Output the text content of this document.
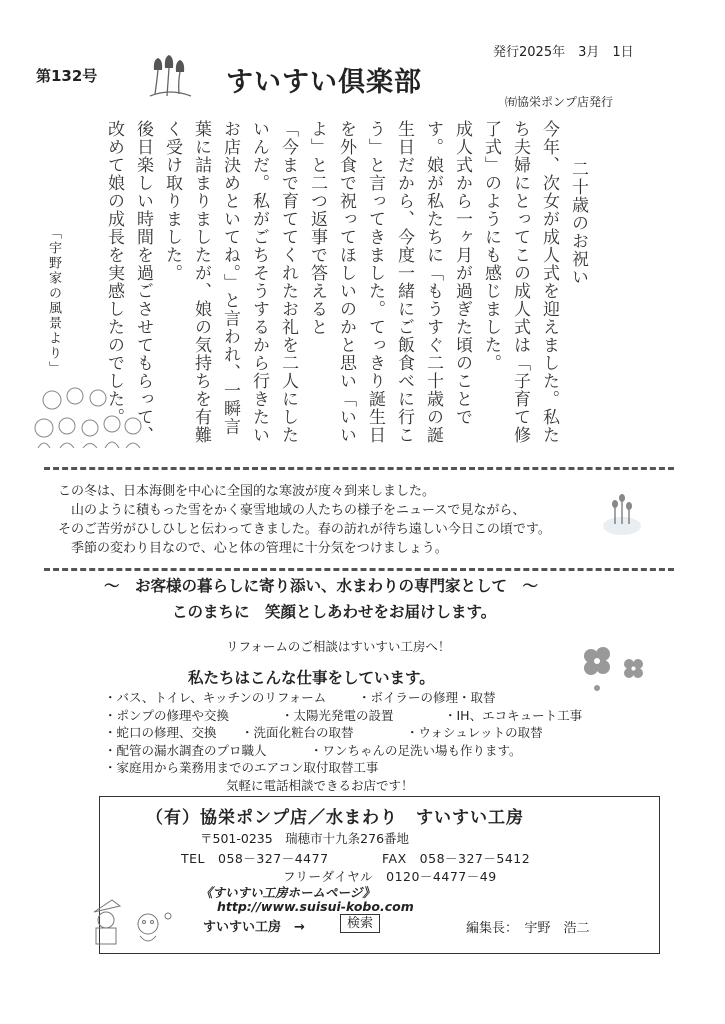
第132号
発行2025年　3月　1日
すいすい倶楽部
㈲協栄ポンプ店発行
「宇野家の風景より」

二十歳のお祝い

今年、次女が成人式を迎えました。私たち夫婦にとってこの成人式は「子育て修了式」のようにも感じました。

成人式から一ヶ月が過ぎた頃のことです。娘が私たちに「もうすぐ二十歳の誕生日だから、今度一緒にご飯食べに行こう」と言ってきました。てっきり誕生日を外食で祝ってほしいのかと思い「いいよ」と二つ返事で答えると

「今まで育ててくれたお礼を二人にしたいんだ。私がごちそうするから行きたいお店決めといてね。」と言われ、一瞬言葉に詰まりましたが、娘の気持ちを有難く受け取りました。

後日楽しい時間を過ごさせてもらって、改めて娘の成長を実感したのでした。

この冬は、日本海側を中心に全国的な寒波が度々到来しました。
山のように積もった雪をかく豪雪地域の人たちの様子をニュースで見ながら、
そのご苦労がひしひしと伝わってきました。春の訪れが待ち遠しい今日この頃です。
季節の変わり目なので、心と体の管理に十分気をつけましょう。
～　お客様の暮らしに寄り添い、水まわりの専門家として　～
このまちに　笑顔としあわせをお届けします。
リフォームのご相談はすいすい工房へ！
私たちはこんな仕事をしています。
・バス、トイレ、キッチンのリフォーム	・ボイラーの修理・取替
・ポンプの修理や交換	・太陽光発電の設置	・IH、エコキュート工事
・蛇口の修理、交換 ・洗面化粧台の取替	・ウォシュレットの取替
・配管の漏水調査のプロ職人	・ワンちゃんの足洗い場も作ります。
・家庭用から業務用までのエアコン取付取替工事
気軽に電話相談できるお店です！
（有）協栄ポンプ店／水まわり　すいすい工房
〒501-0235　瑞穂市十九条276番地
TEL　058－327－4477	FAX　058－327－5412
フリーダイヤル　0120－4477－49
《すいすい工房ホームページ》
http://www.suisui-kobo.com
すいすい工房　→	検索	編集長：　宇野　浩二
